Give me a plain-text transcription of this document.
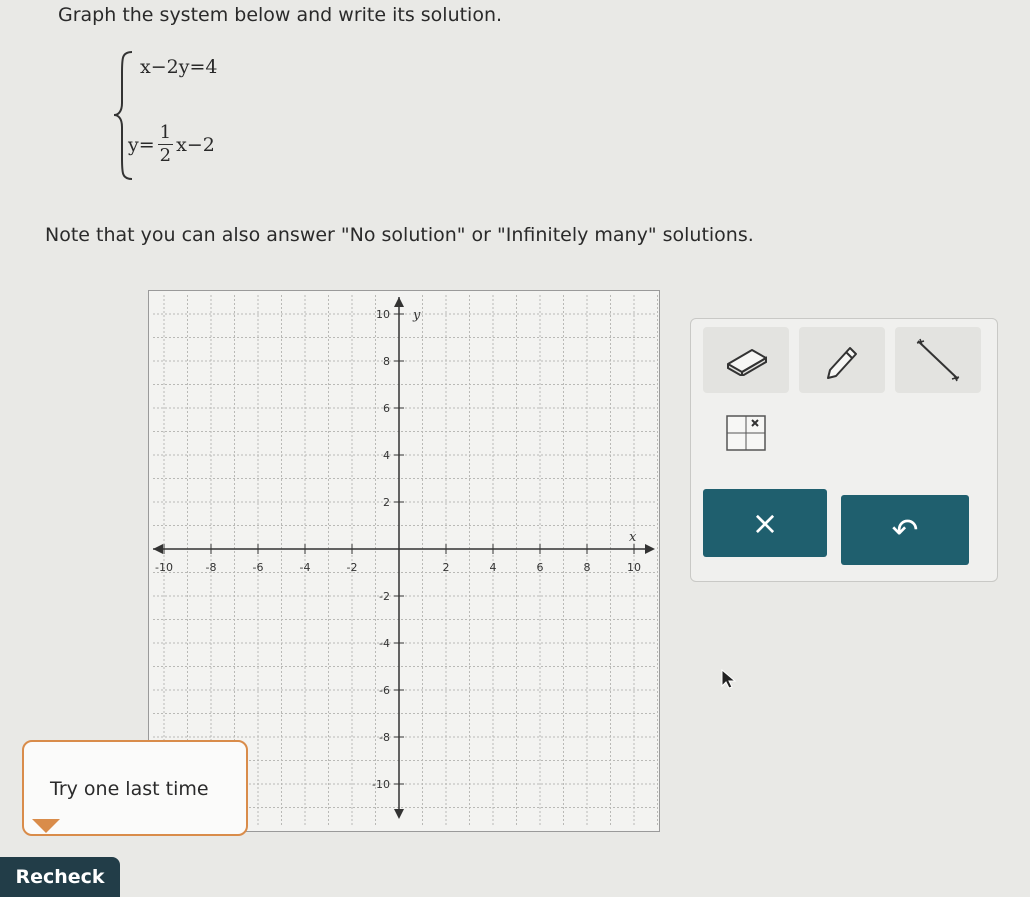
Graph the system below and write its solution.
x−2y=4
$y= \frac{1}{2} x-2$
Note that you can also answer "No solution" or "Infinitely many" solutions.
x
y
-10	-8	-6	-4	-2	2	4	6	8	10
10
8
6
4
2
-2
-4
-6
-8
-10
×	↶
Try one last time
Recheck
